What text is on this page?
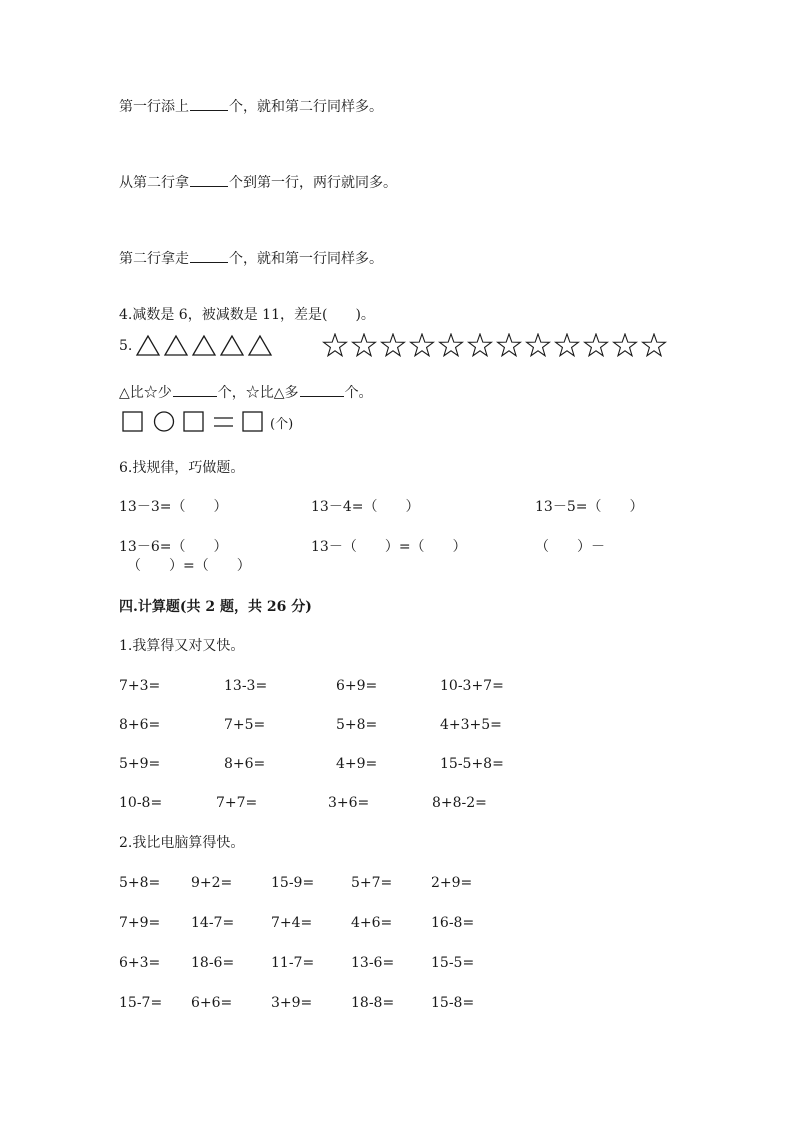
第一行添上	个，就和第二行同样多。
从第二行拿	个到第一行，两行就同多。
第二行拿走	个，就和第一行同样多。
4.减数是 6，被减数是 11，差是(　　)。
5.
△比☆少	个，☆比△多	个。
(个)
6.找规律，巧做题。
13－3=（　　）	13－4=（　　）	13－5=（　　）
13－6=（　　）	13－（　　）=（　　）	（　　）－
（　　）=（　　）
四.计算题(共 2 题，共 26 分)
1.我算得又对又快。
7+3=	13-3=	6+9=	10-3+7=
8+6=	7+5=	5+8=	4+3+5=
5+9=	8+6=	4+9=	15-5+8=
10-8=	7+7=	3+6=	8+8-2=
2.我比电脑算得快。
5+8= 9+2=	15-9=	5+7=	2+9=
7+9= 14-7=	7+4=	4+6=	16-8=
6+3= 18-6=	11-7=	13-6=	15-5=
15-7= 6+6=	3+9=	18-8=	15-8=
